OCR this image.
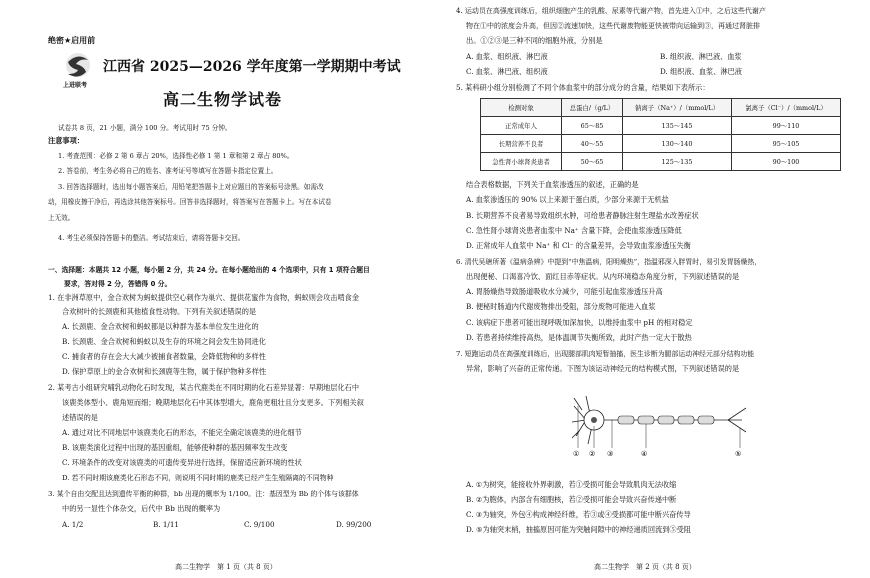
绝密★启用前
上进联考
江西省 2025—2026 学年度第一学期期中考试
高二生物学试卷
试卷共 8 页，21 小题，满分 100 分。考试用时 75 分钟。
注意事项：
1. 考查范围：必修 2 第 6 章占 20%，选择性必修 1 第 1 章和第 2 章占 80%。
2. 答卷前，考生务必将自己的姓名、准考证号等填写在答题卡指定位置上。
3. 回答选择题时，选出每小题答案后，用铅笔把答题卡上对应题目的答案标号涂黑。如需改
动，用橡皮擦干净后，再选涂其他答案标号。回答非选择题时，将答案写在答题卡上。写在本试卷
上无效。
4. 考生必须保持答题卡的整洁。考试结束后，请将答题卡交回。
一、选择题：本题共 12 小题，每小题 2 分，共 24 分。在每小题给出的 4 个选项中，只有 1 项符合题目
要求，答对得 2 分，答错得 0 分。
1. 在非洲草原中，金合欢树为蚂蚁提供空心刺作为巢穴、提供花蜜作为食物，蚂蚁则会攻击啃食金
合欢树叶的长颈鹿和其他植食性动物。下列有关叙述错误的是
A. 长颈鹿、金合欢树和蚂蚁都是以种群为基本单位发生进化的
B. 长颈鹿、金合欢树和蚂蚁以及生存的环境之间会发生协同进化
C. 捕食者的存在会大大减少被捕食者数量，会降低物种的多样性
D. 保护草原上的金合欢树和长颈鹿等生物，属于保护物种多样性
2. 某考古小组研究哺乳动物化石时发现，某古代鹿类在不同时期的化石差异显著：早期地层化石中
该鹿类体型小、鹿角短而细；晚期地层化石中其体型增大，鹿角更粗壮且分支更多。下列相关叙
述错误的是
A. 通过对比不同地层中该鹿类化石的形态，不能完全确定该鹿类的进化细节
B. 该鹿类演化过程中出现的基因重组，能够使种群的基因频率发生改变
C. 环境条件的改变对该鹿类的可遗传变异进行选择，保留适应新环境的性状
D. 若不同时期该鹿类化石形态不同，则说明不同时期的鹿类已经产生生殖隔离的不同物种
3. 某个自由交配且达到遗传平衡的种群，bb 出现的概率为 1/100。注：基因型为 Bb 的个体与该群体
中的另一显性个体杂交，后代中 Bb 出现的概率为
A. 1/2	B. 1/11	C. 9/100	D. 99/200
高二生物学　第 1 页（共 8 页）
4. 运动员在高强度训练后，组织细胞产生的乳酸、尿素等代谢产物，首先进入①中，之后这些代谢产
物在①中的浓度会升高，但因②流速加快，这些代谢废物能更快被带向运输到③，再通过肾脏排
出。①②③是三种不同的细胞外液，分别是
A. 血浆、组织液、淋巴液	B. 组织液、淋巴液、血浆
C. 血浆、淋巴液、组织液	D. 组织液、血浆、淋巴液
5. 某科研小组分别检测了不同个体血浆中的部分成分的含量，结果如下表所示：
检测对象	总蛋白/（g/L）	钠离子（Na⁺）/（mmol/L）	氯离子（Cl⁻）/（mmol/L）
正常成年人	65～85	135～145	99～110
长期营养不良者	40～55	130～140	95～105
急性肾小球肾炎患者	50～65	125～135	90～100
结合表格数据，下列关于血浆渗透压的叙述，正确的是
A. 血浆渗透压的 90% 以上来源于蛋白质，少部分来源于无机盐
B. 长期营养不良者易导致组织水肿，可给患者静脉注射生理盐水改善症状
C. 急性肾小球肾炎患者血浆中 Na⁺ 含量下降，会使血浆渗透压降低
D. 正常成年人血浆中 Na⁺ 和 Cl⁻ 的含量差异，会导致血浆渗透压失衡
6. 清代吴瑭所著《温病条辨》中提到“中焦温病，阳明燥热”，指温邪深入胖胃时，易引发胃肠燥热，
出现便秘、口渴喜冷饮、面红目赤等症状。从内环境稳态角度分析，下列叙述错误的是
A. 胃肠燥热导致肠道吸收水分减少，可能引起血浆渗透压升高
B. 便秘时肠道内代谢废物排出受阻，部分废物可能进入血浆
C. 该病症下患者可能出现呼吸加深加快，以维持血浆中 pH 的相对稳定
D. 若患者持续维持高热，是体温调节失衡所致，此时产热一定大于散热
7. 短跑运动员在高强度训练后，出现腿部肌肉短暂抽搐，医生诊断为腿部运动神经元部分结构功能
异常，影响了兴奋的正常传递。下图为该运动神经元的结构模式图，下列叙述错误的是
① ② ③	④	⑤
A. ①为树突，能接收外界刺激，若①受损可能会导致肌肉无法收缩
B. ②为胞体，内部含有细胞核，若②受损可能会导致兴奋传递中断
C. ③为轴突，外包④构成神经纤维，若③或④受损都可能中断兴奋传导
D. ⑤为轴突末梢，抽搐原因可能为突触间隙中的神经递质回流到⑤受阻
高二生物学　第 2 页（共 8 页）
